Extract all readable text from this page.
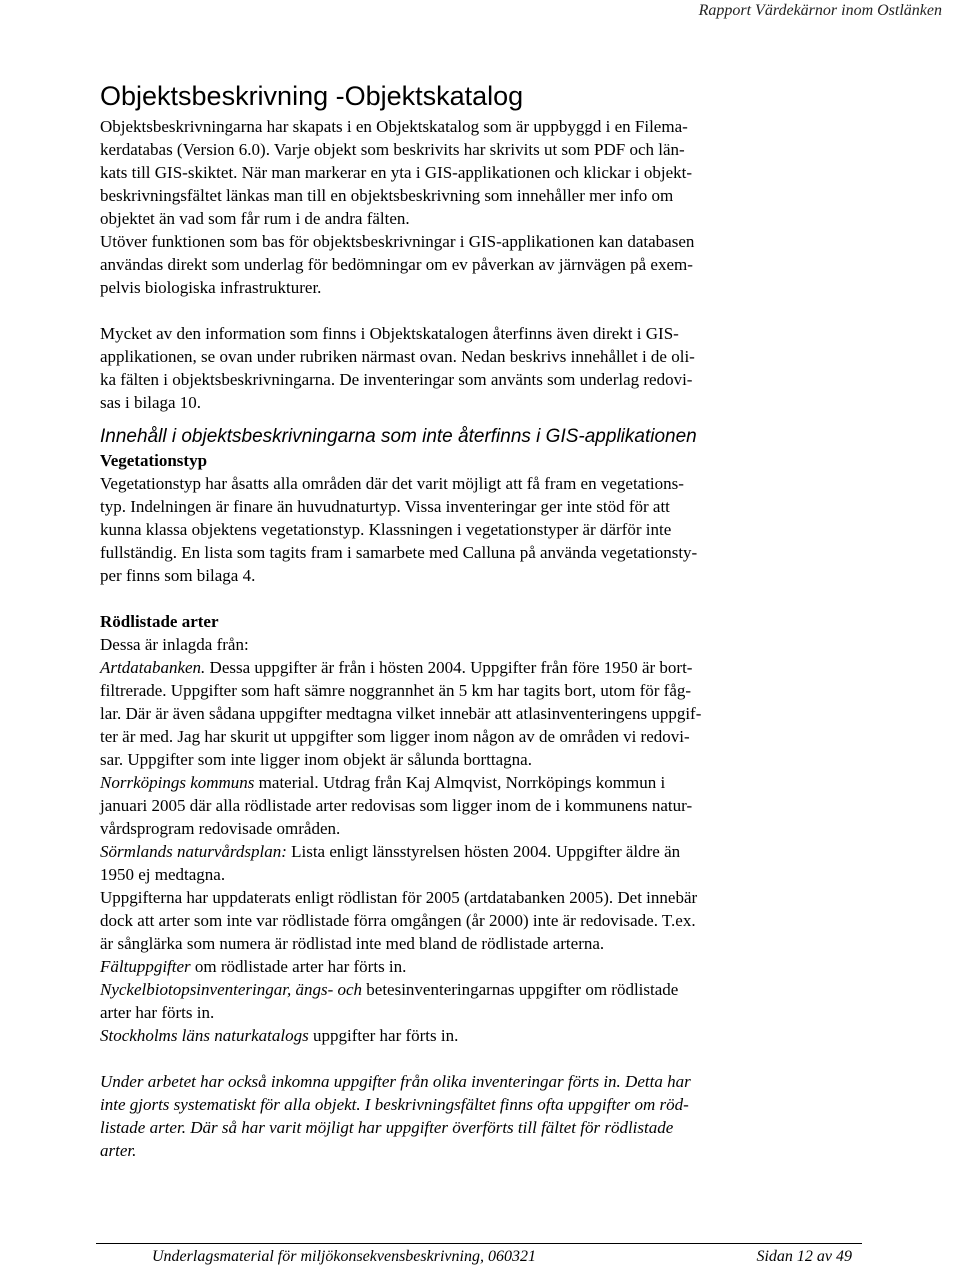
Rapport Värdekärnor inom Ostlänken
Objektsbeskrivning -Objektskatalog

Objektsbeskrivningarna har skapats i en Objektskatalog som är uppbyggd i en Filema-
kerdatabas (Version 6.0). Varje objekt som beskrivits har skrivits ut som PDF och län-
kats till GIS-skiktet. När man markerar en yta i GIS-applikationen och klickar i objekt-
beskrivningsfältet länkas man till en objektsbeskrivning som innehåller mer info om
objektet än vad som får rum i de andra fälten.

Utöver funktionen som bas för objektsbeskrivningar i GIS-applikationen kan databasen
användas direkt som underlag för bedömningar om ev påverkan av järnvägen på exem-
pelvis biologiska infrastrukturer.

Mycket av den information som finns i Objektskatalogen återfinns även direkt i GIS-
applikationen, se ovan under rubriken närmast ovan. Nedan beskrivs innehållet i de oli-
ka fälten i objektsbeskrivningarna. De inventeringar som använts som underlag redovi-
sas i bilaga 10.

Innehåll i objektsbeskrivningarna som inte återfinns i GIS-applikationen

Vegetationstyp

Vegetationstyp har åsatts alla områden där det varit möjligt att få fram en vegetations-
typ. Indelningen är finare än huvudnaturtyp. Vissa inventeringar ger inte stöd för att
kunna klassa objektens vegetationstyp. Klassningen i vegetationstyper är därför inte
fullständig. En lista som tagits fram i samarbete med Calluna på använda vegetationsty-
per finns som bilaga 4.

Rödlistade arter

Dessa är inlagda från:

Artdatabanken. Dessa uppgifter är från i hösten 2004. Uppgifter från före 1950 är bort-
filtrerade. Uppgifter som haft sämre noggrannhet än 5 km har tagits bort, utom för fåg-
lar. Där är även sådana uppgifter medtagna vilket innebär att atlasinventeringens uppgif-
ter är med. Jag har skurit ut uppgifter som ligger inom någon av de områden vi redovi-
sar. Uppgifter som inte ligger inom objekt är sålunda borttagna.

Norrköpings kommuns material. Utdrag från Kaj Almqvist, Norrköpings kommun i
januari 2005 där alla rödlistade arter redovisas som ligger inom de i kommunens natur-
vårdsprogram redovisade områden.

Sörmlands naturvårdsplan: Lista enligt länsstyrelsen hösten 2004. Uppgifter äldre än
1950 ej medtagna.

Uppgifterna har uppdaterats enligt rödlistan för 2005 (artdatabanken 2005). Det innebär
dock att arter som inte var rödlistade förra omgången (år 2000) inte är redovisade. T.ex.
är sånglärka som numera är rödlistad inte med bland de rödlistade arterna.

Fältuppgifter om rödlistade arter har förts in.

Nyckelbiotopsinventeringar, ängs- och betesinventeringarnas uppgifter om rödlistade
arter har förts in.

Stockholms läns naturkatalogs uppgifter har förts in.

Under arbetet har också inkomna uppgifter från olika inventeringar förts in. Detta har
inte gjorts systematiskt för alla objekt. I beskrivningsfältet finns ofta uppgifter om röd-
listade arter. Där så har varit möjligt har uppgifter överförts till fältet för rödlistade
arter.

Underlagsmaterial för miljökonsekvensbeskrivning, 060321	Sidan 12 av 49
